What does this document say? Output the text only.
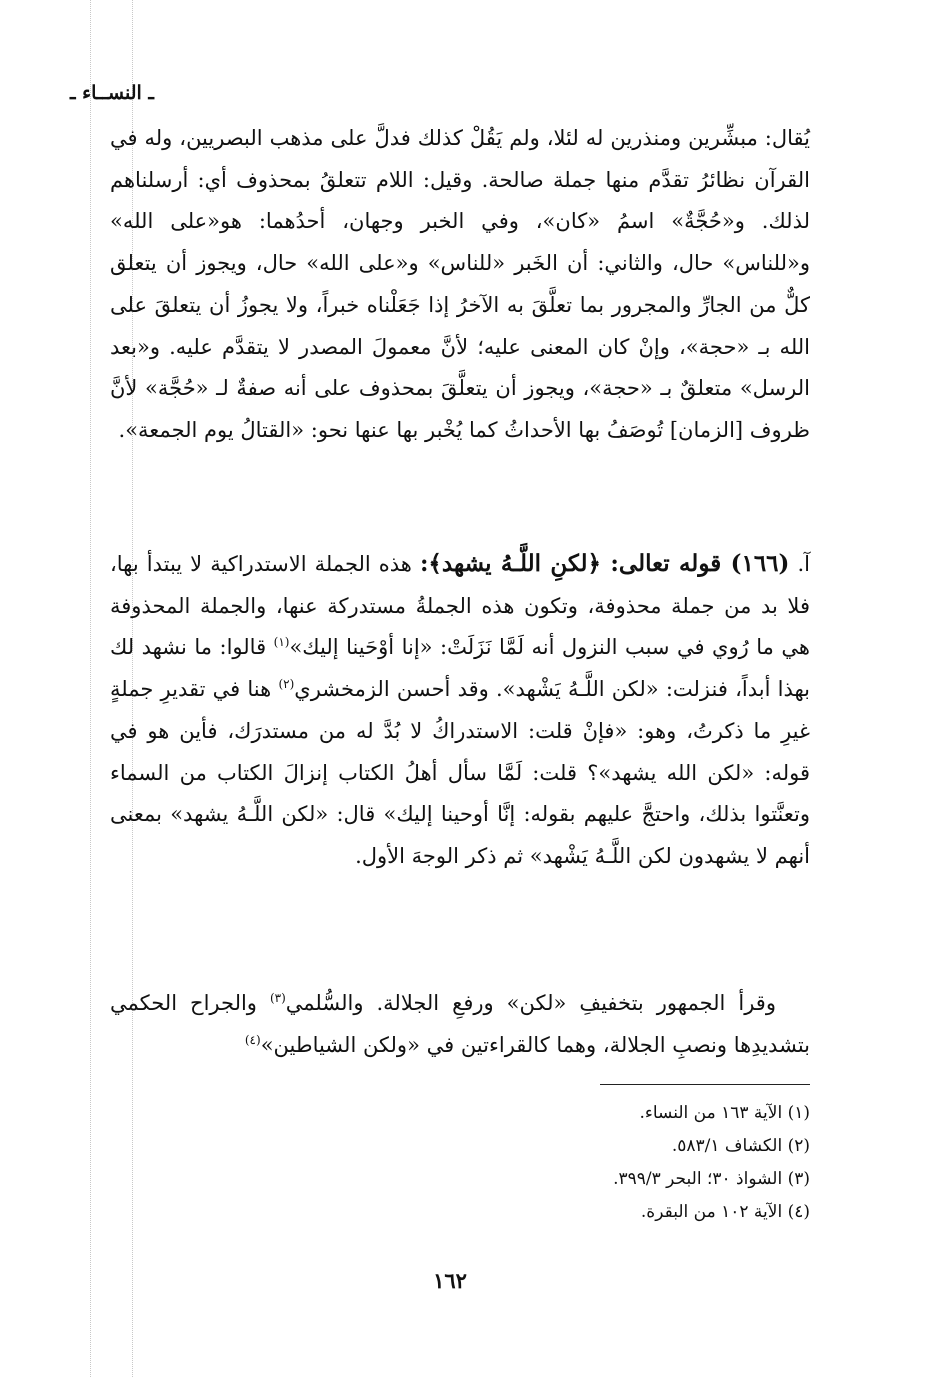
ـ النســاء ـ

يُقال: مبشِّرين ومنذرين له لئلا، ولم يَقُلْ كذلك فدلَّ على مذهب البصريين، وله في القرآن نظائرُ تقدَّم منها جملة صالحة. وقيل: اللام تتعلقُ بمحذوف أي: أرسلناهم لذلك. و«حُجَّةٌ» اسمُ «كان»، وفي الخبر وجهان، أحدُهما: هو«على الله» و«للناس» حال، والثاني: أن الخَبر «للناس» و«على الله» حال، ويجوز أن يتعلق كلٌّ من الجارِّ والمجرور بما تعلَّقَ به الآخرُ إذا جَعَلْناه خبراً، ولا يجوزُ أن يتعلقَ على الله بـ «حجة»، وإنْ كان المعنى عليه؛ لأنَّ معمولَ المصدر لا يتقدَّم عليه. و«بعد الرسل» متعلقٌ بـ «حجة»، ويجوز أن يتعلَّقَ بمحذوف على أنه صفةٌ لـ «حُجَّة» لأنَّ ظروف [الزمان] تُوصَفُ بها الأحداثُ كما يُخْبر بها عنها نحو: «القتالُ يوم الجمعة».

آ. (١٦٦) قوله تعالى: ﴿لكنِ اللَّـهُ يشهد﴾: هذه الجملة الاستدراكية لا يبتدأ بها، فلا بد من جملة محذوفة، وتكون هذه الجملةُ مستدركة عنها، والجملة المحذوفة هي ما رُوي في سبب النزول أنه لَمَّا نَزَلَتْ: «إنا أوْحَينا إليك»$^{(١)}$ قالوا: ما نشهد لك بهذا أبداً، فنزلت: «لكن اللَّـهُ يَشْهد». وقد أحسن الزمخشري$^{(٢)}$ هنا في تقديرِ جملةٍ غيرِ ما ذكرتُ، وهو: «فإنْ قلت: الاستدراكُ لا بُدَّ له من مستدرَك، فأين هو في قوله: «لكن الله يشهد»؟ قلت: لَمَّا سأل أهلُ الكتاب إنزالَ الكتاب من السماء وتعنَّتوا بذلك، واحتجَّ عليهم بقوله: إنَّا أوحينا إليك» قال: «لكن اللَّـهُ يشهد» بمعنى أنهم لا يشهدون لكن اللَّـهُ يَشْهد» ثم ذكر الوجهَ الأول.

وقرأ الجمهور بتخفيفِ «لكن» ورفعِ الجلالة. والسُّلمي$^{(٣)}$ والجراح الحكمي بتشديدِها ونصبِ الجلالة، وهما كالقراءتين في «ولكن الشياطين»$^{(٤)}$

(١) الآية ١٦٣ من النساء.
(٢) الكشاف ٥٨٣/١.
(٣) الشواذ ٣٠؛ البحر ٣٩٩/٣.
(٤) الآية ١٠٢ من البقرة.
١٦٢
